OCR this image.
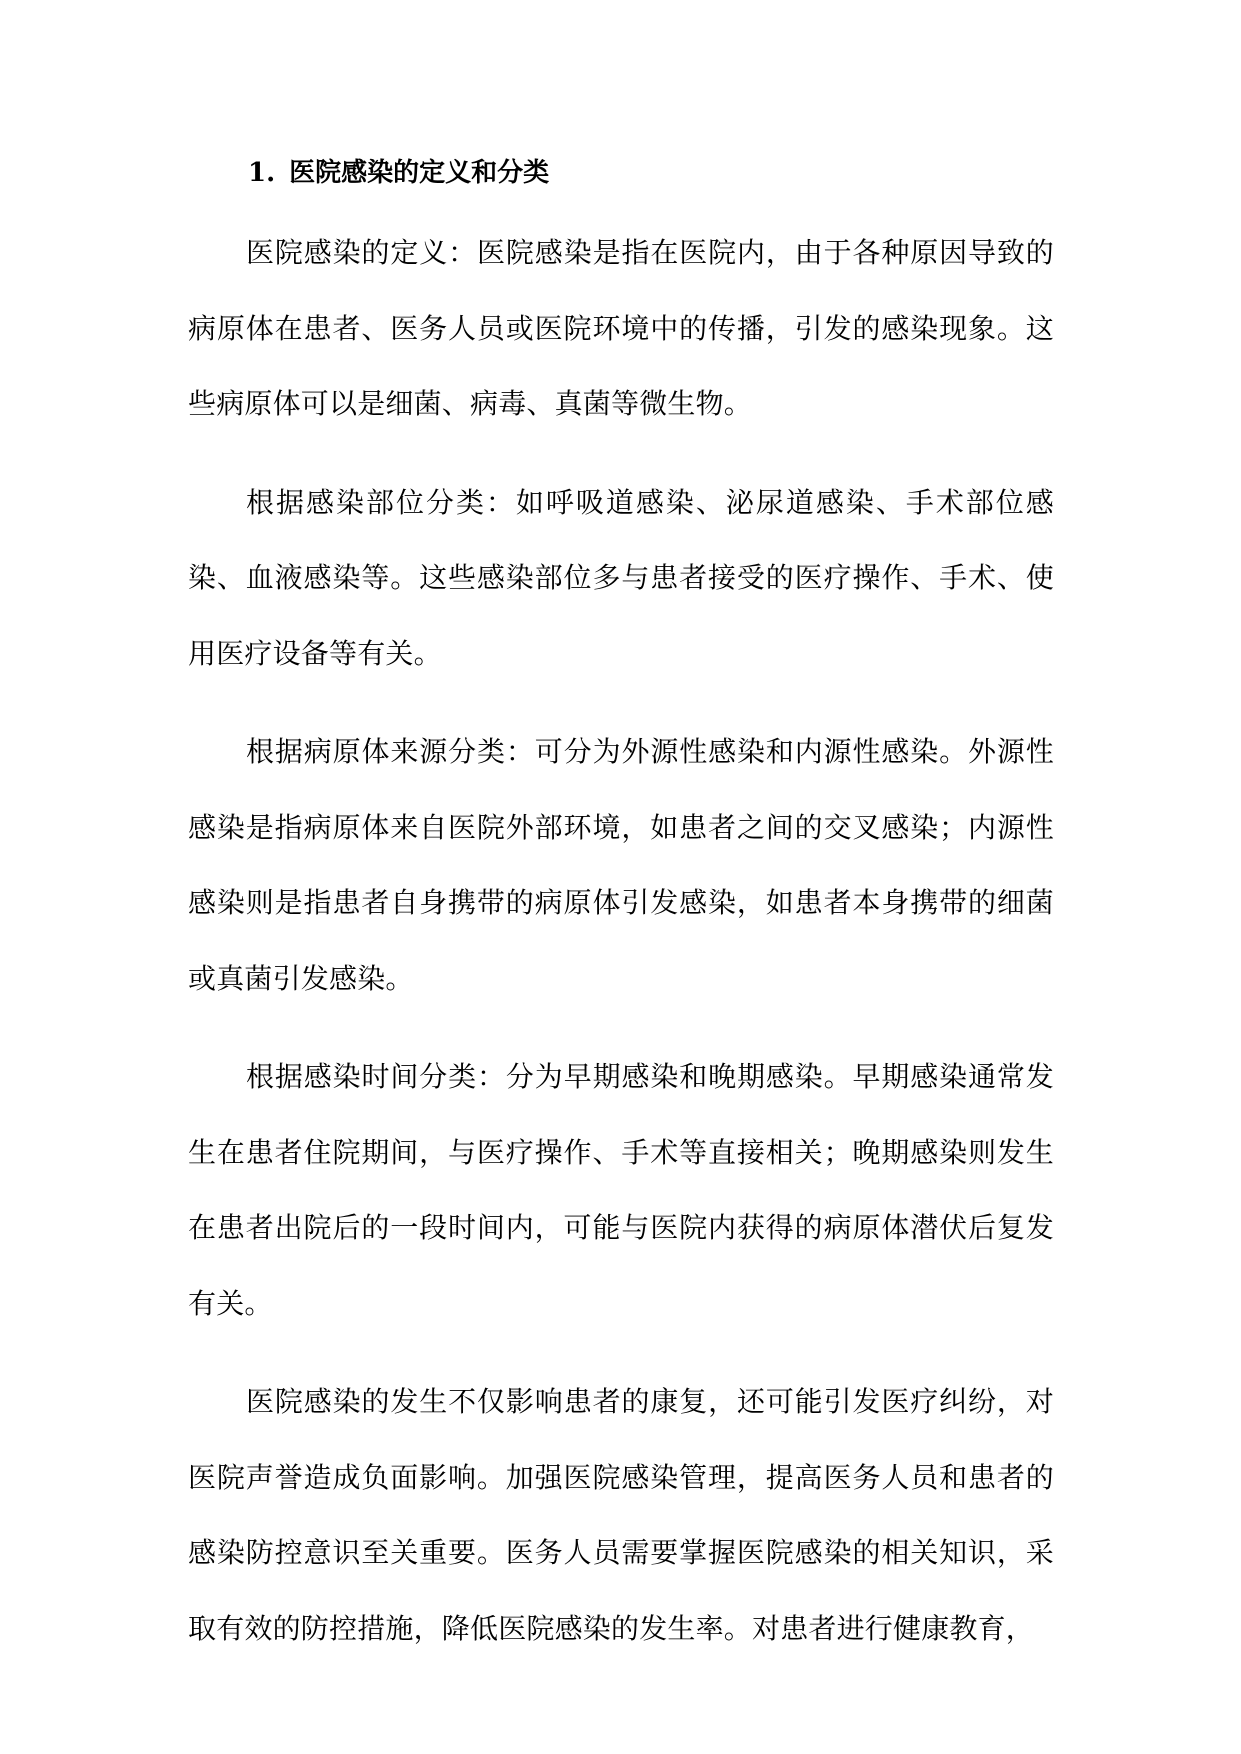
1. 医院感染的定义和分类

医院感染的定义：医院感染是指在医院内，由于各种原因导致的病原体在患者、医务人员或医院环境中的传播，引发的感染现象。这些病原体可以是细菌、病毒、真菌等微生物。

根据感染部位分类：如呼吸道感染、泌尿道感染、手术部位感染、血液感染等。这些感染部位多与患者接受的医疗操作、手术、使用医疗设备等有关。

根据病原体来源分类：可分为外源性感染和内源性感染。外源性感染是指病原体来自医院外部环境，如患者之间的交叉感染；内源性感染则是指患者自身携带的病原体引发感染，如患者本身携带的细菌或真菌引发感染。

根据感染时间分类：分为早期感染和晚期感染。早期感染通常发生在患者住院期间，与医疗操作、手术等直接相关；晚期感染则发生在患者出院后的一段时间内，可能与医院内获得的病原体潜伏后复发有关。

医院感染的发生不仅影响患者的康复，还可能引发医疗纠纷，对医院声誉造成负面影响。加强医院感染管理，提高医务人员和患者的感染防控意识至关重要。医务人员需要掌握医院感染的相关知识，采取有效的防控措施，降低医院感染的发生率。对患者进行健康教育，
